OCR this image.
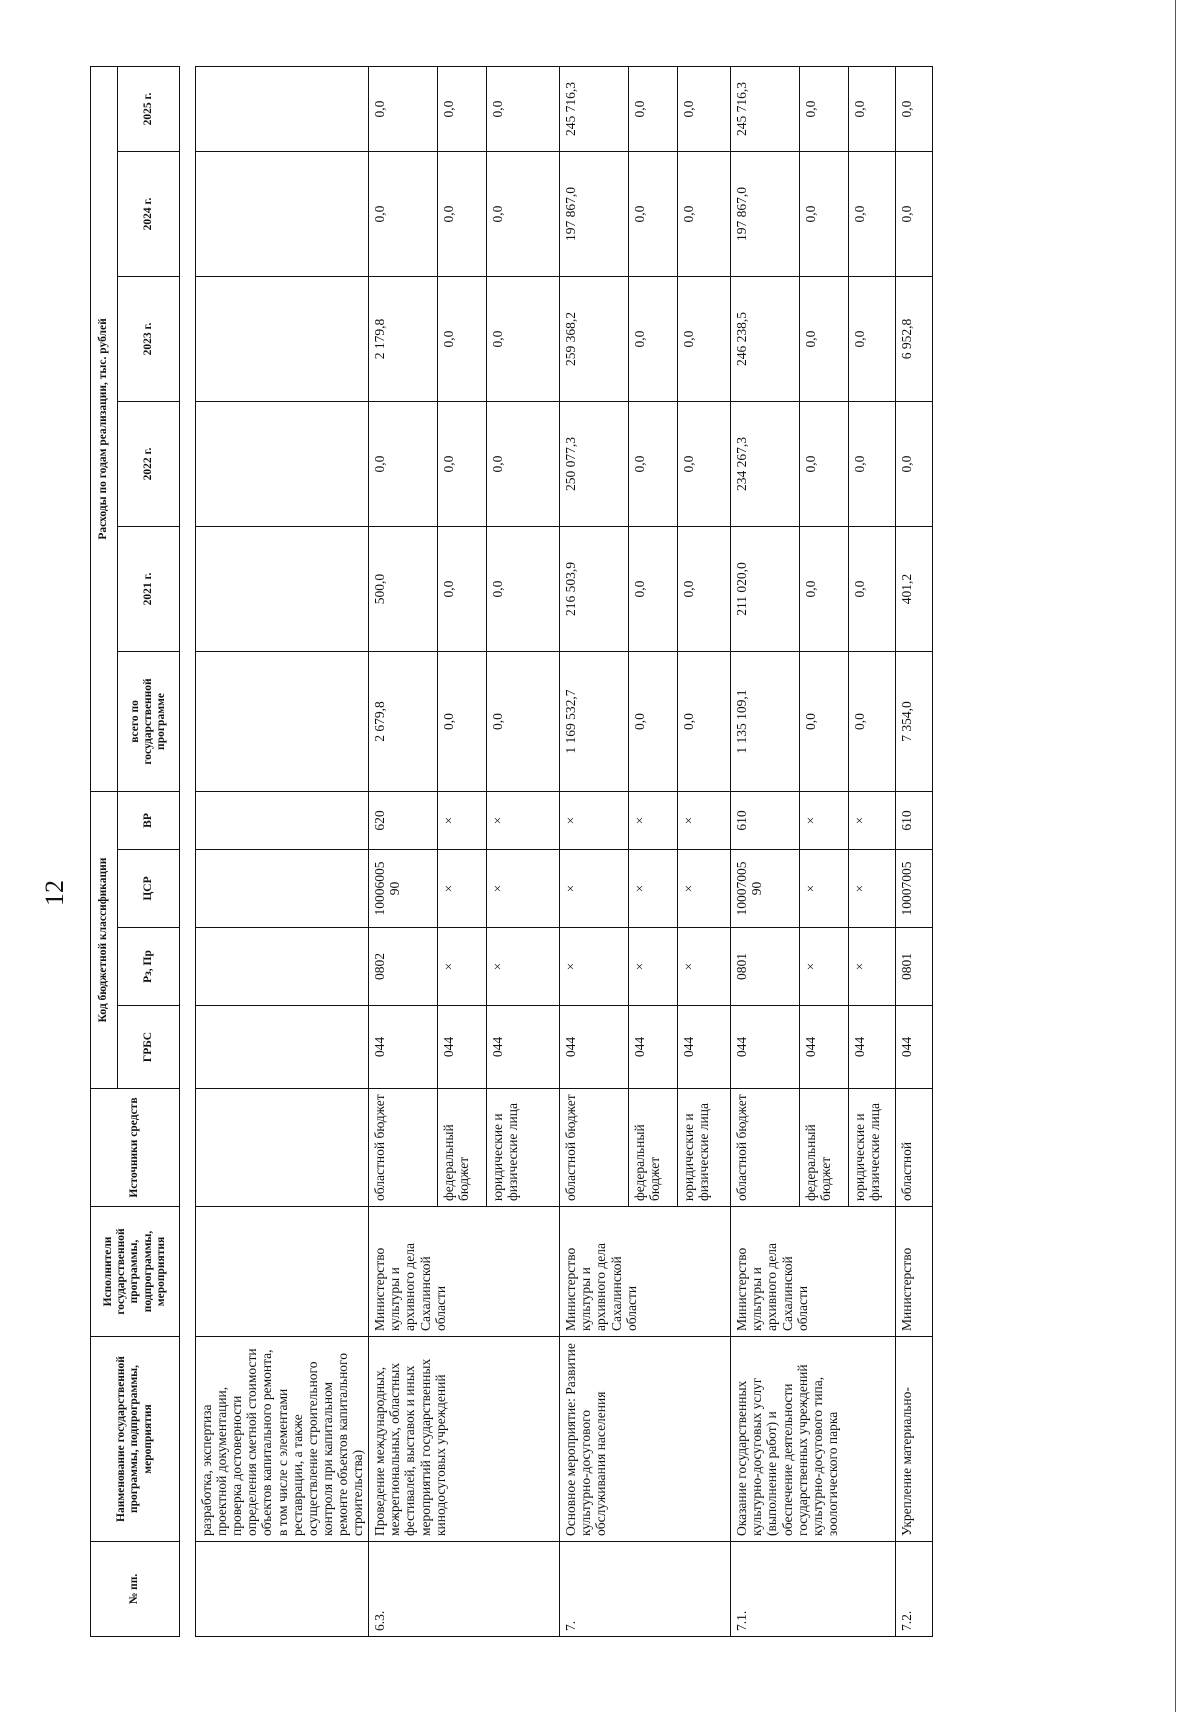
12
№ пп.	Наименование государственной программы, подпрограммы, мероприятия	Исполнители государственной программы, подпрограммы, мероприятия	Источники средств	Код бюджетной классификации				Расходы по годам реализации, тыс. рублей					
				ГРБС	Рз, Пр	ЦСР	ВР	всего по государственной программе	2021 г.	2022 г.	2023 г.	2024 г.	2025 г.
	разработка, экспертиза проектной документации, проверка достоверности определения сметной стоимости объектов капитального ремонта, в том числе с элементами реставрации, а также осуществление строительного контроля при капитальном ремонте объектов капитального строительства)												
6.3.	Проведение международных, межрегиональных, областных фестивалей, выставок и иных мероприятий государственных кинодосуговых учреждений	Министерство культуры и архивного дела Сахалинской области	областной бюджет	044	0802	10006005 90	620	2 679,8	500,0	0,0	2 179,8	0,0	0,0
			федеральный бюджет	044	×	×	×	0,0	0,0	0,0	0,0	0,0	0,0
			юридические и физические лица	044	×	×	×	0,0	0,0	0,0	0,0	0,0	0,0
7.	Основное мероприятие: Развитие культурно-досугового обслуживания населения	Министерство культуры и архивного дела Сахалинской области	областной бюджет	044	×	×	×	1 169 532,7	216 503,9	250 077,3	259 368,2	197 867,0	245 716,3
			федеральный бюджет	044	×	×	×	0,0	0,0	0,0	0,0	0,0	0,0
			юридические и физические лица	044	×	×	×	0,0	0,0	0,0	0,0	0,0	0,0
7.1.	Оказание государственных культурно-досуговых услуг (выполнение работ) и обеспечение деятельности государственных учреждений культурно-досугового типа, зоологического парка	Министерство культуры и архивного дела Сахалинской области	областной бюджет	044	0801	10007005 90	610	1 135 109,1	211 020,0	234 267,3	246 238,5	197 867,0	245 716,3
			федеральный бюджет	044	×	×	×	0,0	0,0	0,0	0,0	0,0	0,0
			юридические и физические лица	044	×	×	×	0,0	0,0	0,0	0,0	0,0	0,0
7.2.	Укрепление материально-	Министерство	областной	044	0801	10007005	610	7 354,0	401,2	0,0	6 952,8	0,0	0,0
